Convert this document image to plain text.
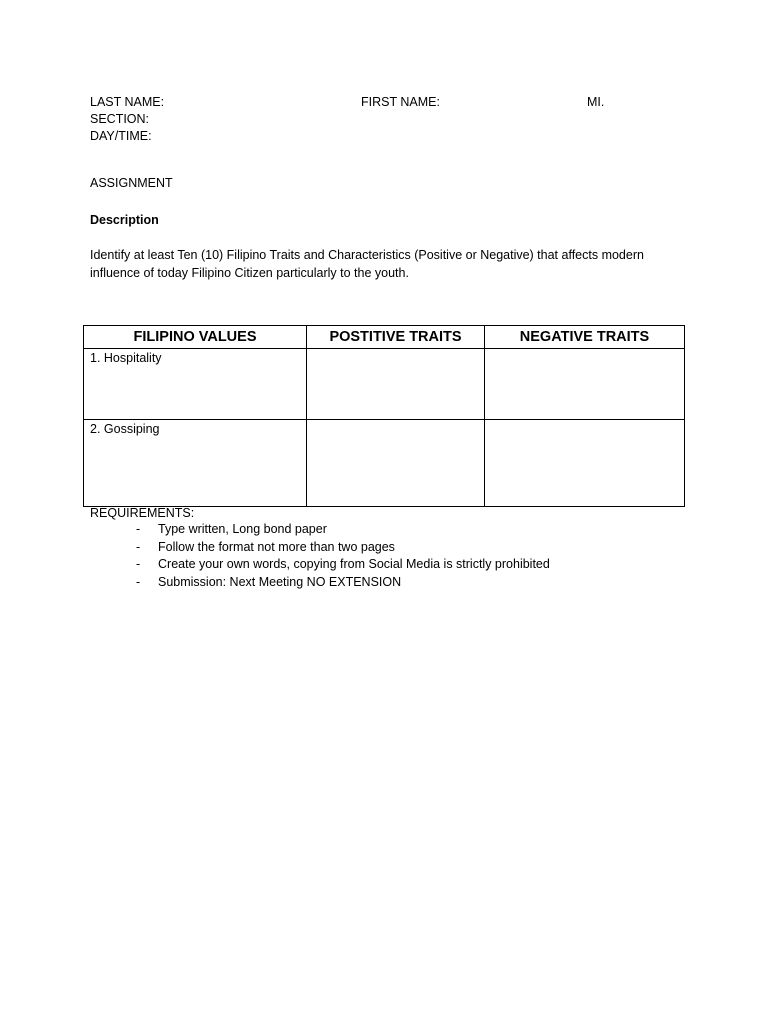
LAST NAME:	FIRST NAME:	MI.
SECTION:
DAY/TIME:
ASSIGNMENT
Description
Identify at least Ten (10) Filipino Traits and Characteristics (Positive or Negative) that affects modern influence of today Filipino Citizen particularly to the youth.
FILIPINO VALUES	POSTITIVE TRAITS	NEGATIVE TRAITS
1. Hospitality		
2. Gossiping		
REQUIREMENTS:
- Type written, Long bond paper
- Follow the format not more than two pages
- Create your own words, copying from Social Media is strictly prohibited
- Submission: Next Meeting NO EXTENSION
